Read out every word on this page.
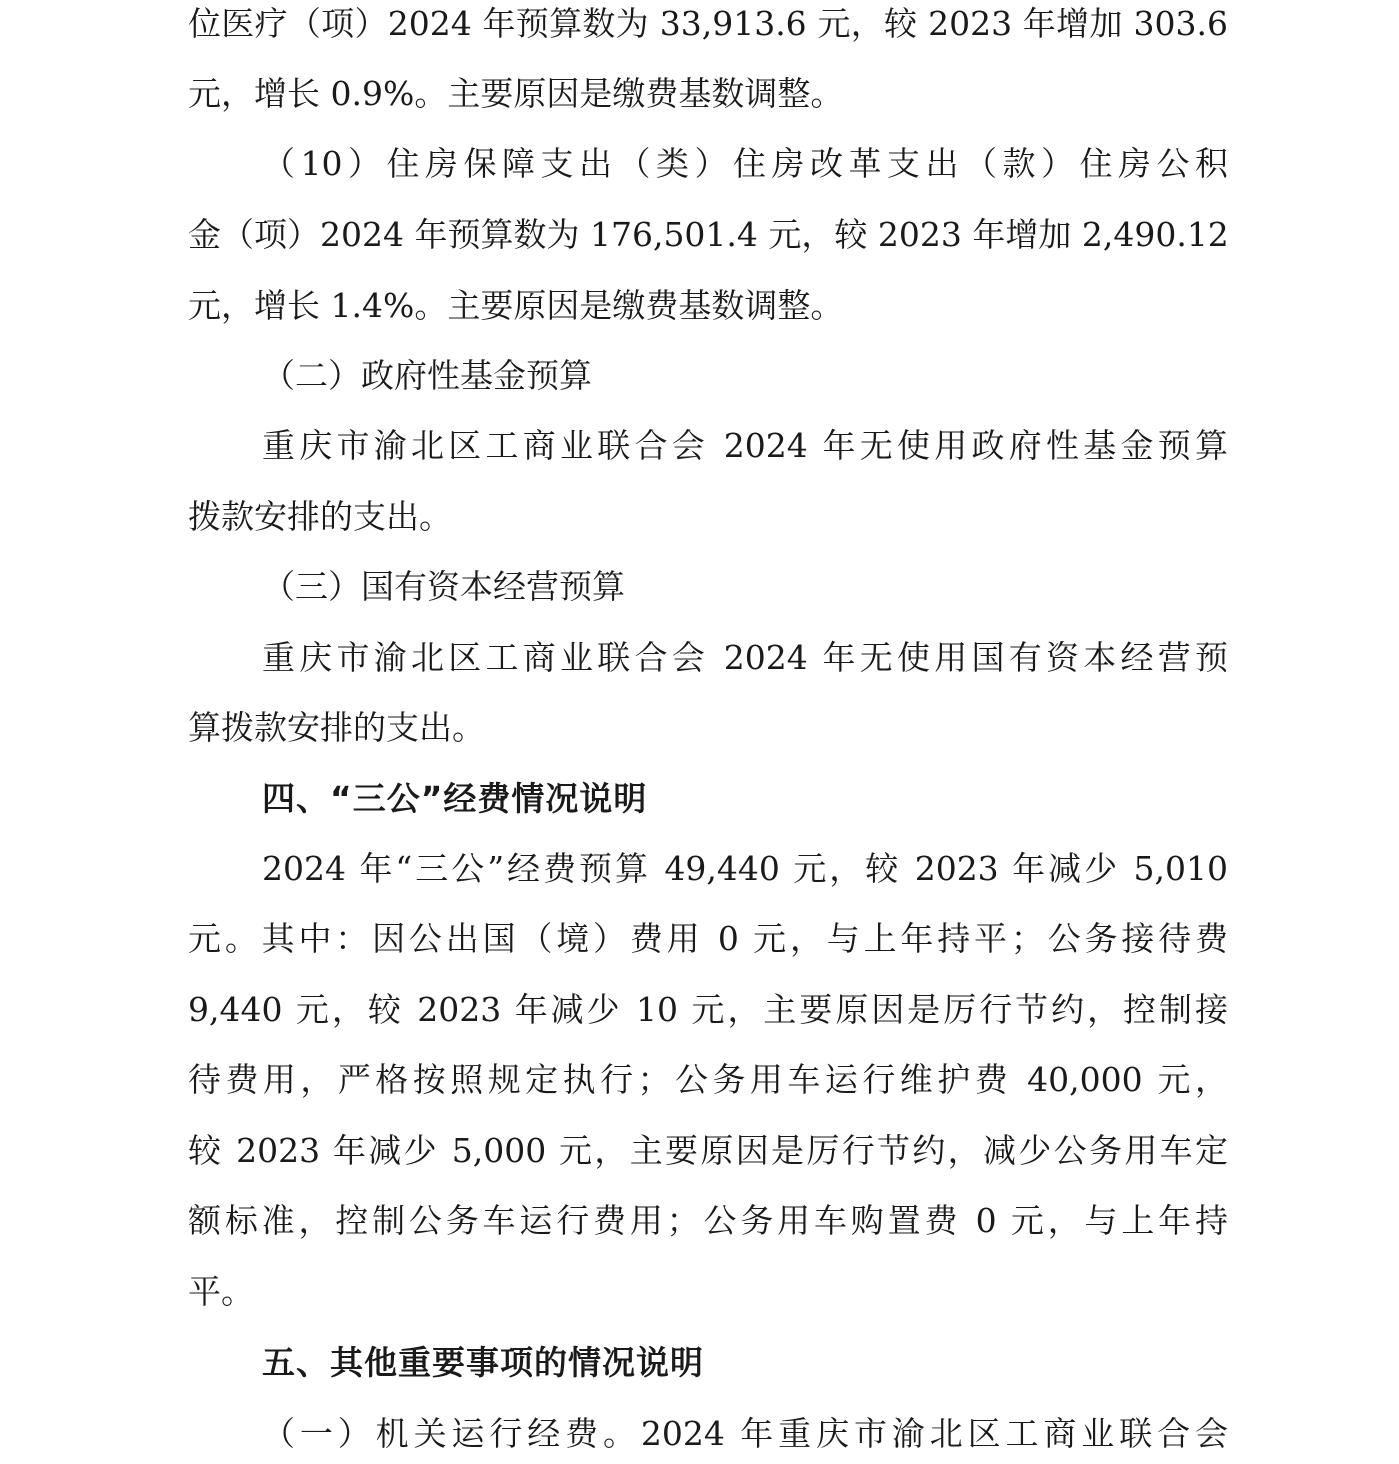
位医疗（项）2024 年预算数为 33,913.6 元，较 2023 年增加 303.6
元，增长 0.9%。主要原因是缴费基数调整。
（10）住房保障支出（类）住房改革支出（款）住房公积
金（项）2024 年预算数为 176,501.4 元，较 2023 年增加 2,490.12
元，增长 1.4%。主要原因是缴费基数调整。
（二）政府性基金预算
重庆市渝北区工商业联合会 2024 年无使用政府性基金预算
拨款安排的支出。
（三）国有资本经营预算
重庆市渝北区工商业联合会 2024 年无使用国有资本经营预
算拨款安排的支出。
四、“三公”经费情况说明
2024 年“三公”经费预算 49,440 元，较 2023 年减少 5,010
元。其中：因公出国（境）费用 0 元，与上年持平；公务接待费
9,440 元，较 2023 年减少 10 元，主要原因是厉行节约，控制接
待费用，严格按照规定执行；公务用车运行维护费 40,000 元，
较 2023 年减少 5,000 元，主要原因是厉行节约，减少公务用车定
额标准，控制公务车运行费用；公务用车购置费 0 元，与上年持
平。
五、其他重要事项的情况说明
（一）机关运行经费。2024 年重庆市渝北区工商业联合会
